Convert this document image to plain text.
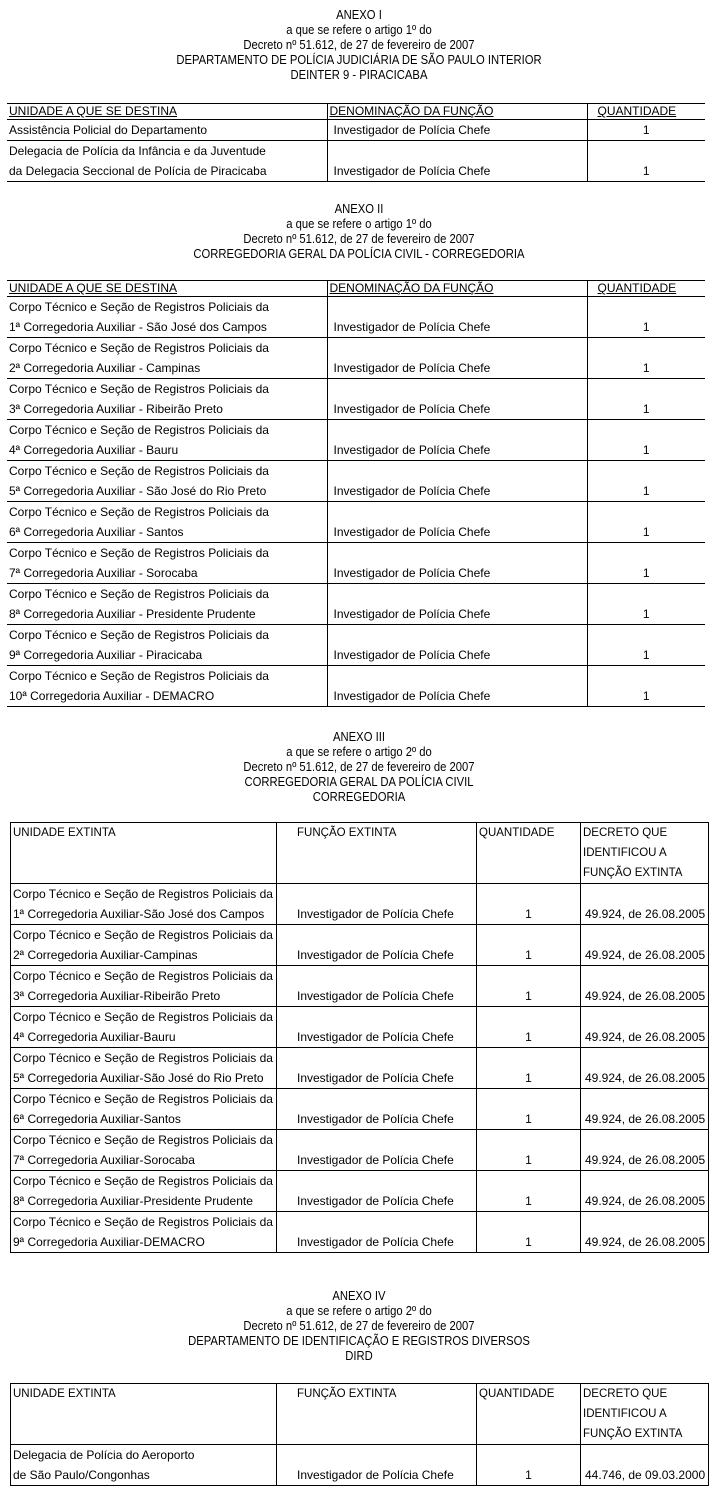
ANEXO I
a que se refere o artigo 1º do
Decreto nº 51.612, de 27 de fevereiro de 2007
DEPARTAMENTO DE POLÍCIA JUDICIÁRIA DE SÃO PAULO INTERIOR
DEINTER 9 - PIRACICABA
UNIDADE A QUE SE DESTINA	DENOMINAÇÃO DA FUNÇÃO	QUANTIDADE

Assistência Policial do Departamento	Investigador de Polícia Chefe	1

Delegacia de Polícia da Infância e da Juventude
da Delegacia Seccional de Polícia de Piracicaba	Investigador de Polícia Chefe	1
ANEXO II
a que se refere o artigo 1º do
Decreto nº 51.612, de 27 de fevereiro de 2007
CORREGEDORIA GERAL DA POLÍCIA CIVIL - CORREGEDORIA
UNIDADE A QUE SE DESTINA	DENOMINAÇÃO DA FUNÇÃO	QUANTIDADE

Corpo Técnico e Seção de Registros Policiais da
1ª Corregedoria Auxiliar - São José dos Campos	Investigador de Polícia Chefe	1

Corpo Técnico e Seção de Registros Policiais da
2ª Corregedoria Auxiliar - Campinas	Investigador de Polícia Chefe	1

Corpo Técnico e Seção de Registros Policiais da
3ª Corregedoria Auxiliar - Ribeirão Preto	Investigador de Polícia Chefe	1

Corpo Técnico e Seção de Registros Policiais da
4ª Corregedoria Auxiliar - Bauru	Investigador de Polícia Chefe	1

Corpo Técnico e Seção de Registros Policiais da
5ª Corregedoria Auxiliar - São José do Rio Preto	Investigador de Polícia Chefe	1

Corpo Técnico e Seção de Registros Policiais da
6ª Corregedoria Auxiliar - Santos	Investigador de Polícia Chefe	1

Corpo Técnico e Seção de Registros Policiais da
7ª Corregedoria Auxiliar - Sorocaba	Investigador de Polícia Chefe	1

Corpo Técnico e Seção de Registros Policiais da
8ª Corregedoria Auxiliar - Presidente Prudente	Investigador de Polícia Chefe	1

Corpo Técnico e Seção de Registros Policiais da
9ª Corregedoria Auxiliar - Piracicaba	Investigador de Polícia Chefe	1

Corpo Técnico e Seção de Registros Policiais da
10ª Corregedoria Auxiliar - DEMACRO	Investigador de Polícia Chefe	1
ANEXO III
a que se refere o artigo 2º do
Decreto nº 51.612, de 27 de fevereiro de 2007
CORREGEDORIA GERAL DA POLÍCIA CIVIL
CORREGEDORIA
UNIDADE EXTINTA	FUNÇÃO EXTINTA	QUANTIDADE	DECRETO QUE
IDENTIFICOU A
FUNÇÃO EXTINTA

Corpo Técnico e Seção de Registros Policiais da
1ª Corregedoria Auxiliar-São José dos Campos	Investigador de Polícia Chefe	1	49.924, de 26.08.2005

Corpo Técnico e Seção de Registros Policiais da
2ª Corregedoria Auxiliar-Campinas	Investigador de Polícia Chefe	1	49.924, de 26.08.2005

Corpo Técnico e Seção de Registros Policiais da
3ª Corregedoria Auxiliar-Ribeirão Preto	Investigador de Polícia Chefe	1	49.924, de 26.08.2005

Corpo Técnico e Seção de Registros Policiais da
4ª Corregedoria Auxiliar-Bauru	Investigador de Polícia Chefe	1	49.924, de 26.08.2005

Corpo Técnico e Seção de Registros Policiais da
5ª Corregedoria Auxiliar-São José do Rio Preto	Investigador de Polícia Chefe	1	49.924, de 26.08.2005

Corpo Técnico e Seção de Registros Policiais da
6ª Corregedoria Auxiliar-Santos	Investigador de Polícia Chefe	1	49.924, de 26.08.2005

Corpo Técnico e Seção de Registros Policiais da
7ª Corregedoria Auxiliar-Sorocaba	Investigador de Polícia Chefe	1	49.924, de 26.08.2005

Corpo Técnico e Seção de Registros Policiais da
8ª Corregedoria Auxiliar-Presidente Prudente	Investigador de Polícia Chefe	1	49.924, de 26.08.2005

Corpo Técnico e Seção de Registros Policiais da
9ª Corregedoria Auxiliar-DEMACRO	Investigador de Polícia Chefe	1	49.924, de 26.08.2005
ANEXO IV
a que se refere o artigo 2º do
Decreto nº 51.612, de 27 de fevereiro de 2007
DEPARTAMENTO DE IDENTIFICAÇÃO E REGISTROS DIVERSOS
DIRD
UNIDADE EXTINTA	FUNÇÃO EXTINTA	QUANTIDADE	DECRETO QUE
IDENTIFICOU A
FUNÇÃO EXTINTA

Delegacia de Polícia do Aeroporto
de São Paulo/Congonhas	Investigador de Polícia Chefe	1	44.746, de 09.03.2000
